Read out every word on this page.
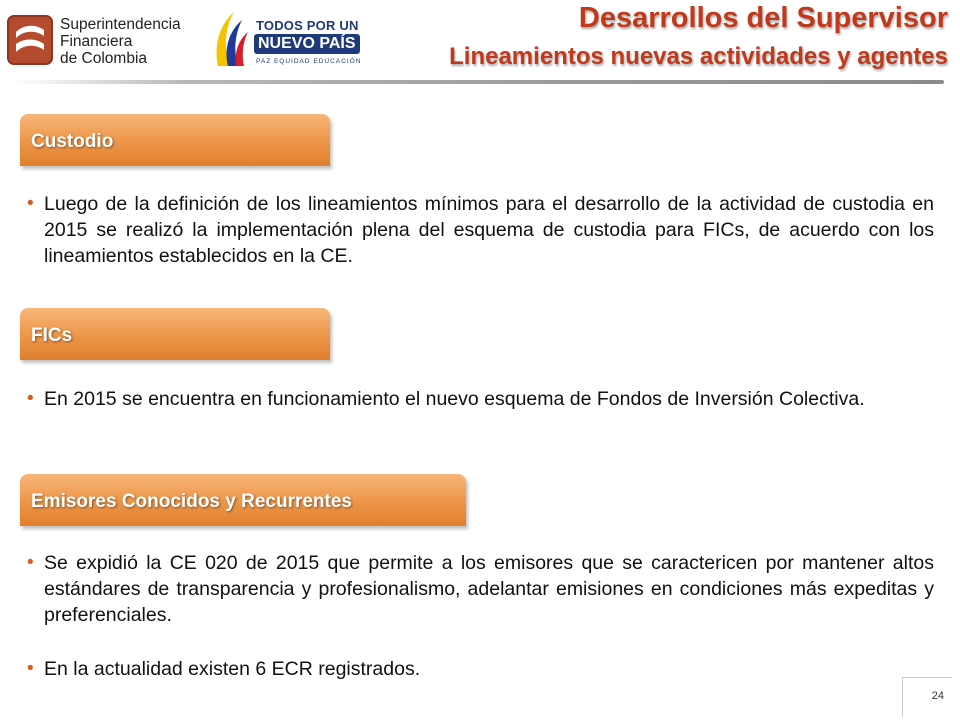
Superintendencia
Financiera
de Colombia
TODOS POR UN
NUEVO PAÍS
PAZ EQUIDAD EDUCACIÓN
Desarrollos del Supervisor
Lineamientos nuevas actividades y agentes
Custodio

• Luego de la definición de los lineamientos mínimos para el desarrollo de la actividad de custodia en 2015 se realizó la implementación plena del esquema de custodia para FICs, de acuerdo con los lineamientos establecidos en la CE.

FICs

• En 2015 se encuentra en funcionamiento el nuevo esquema de Fondos de Inversión Colectiva.

Emisores Conocidos y Recurrentes

• Se expidió la CE 020 de 2015 que permite a los emisores que se caractericen por mantener altos estándares de transparencia y profesionalismo, adelantar emisiones en condiciones más expeditas y preferenciales.

• En la actualidad existen 6 ECR registrados.

24
